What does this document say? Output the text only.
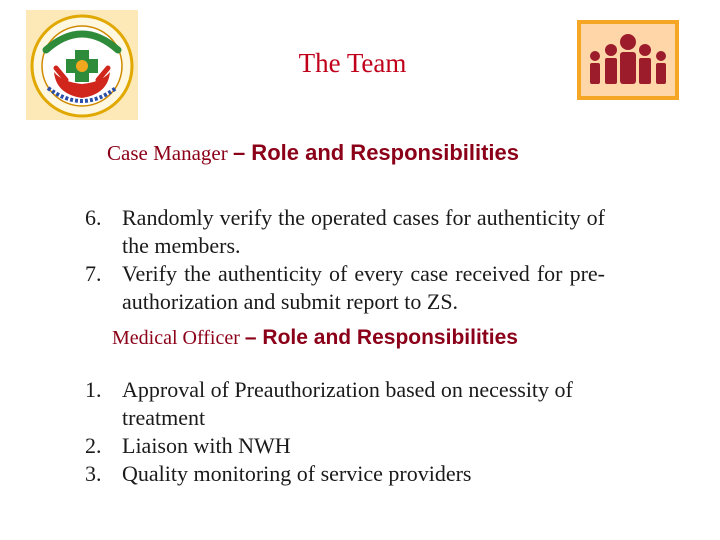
The Team
Case Manager – Role and Responsibilities
6. Randomly verify the operated cases for authenticity of the members.
7. Verify the authenticity of every case received for pre-authorization and submit report to ZS.
Medical Officer – Role and Responsibilities
1. Approval of Preauthorization based on necessity of treatment
2. Liaison with NWH
3. Quality monitoring of service providers
